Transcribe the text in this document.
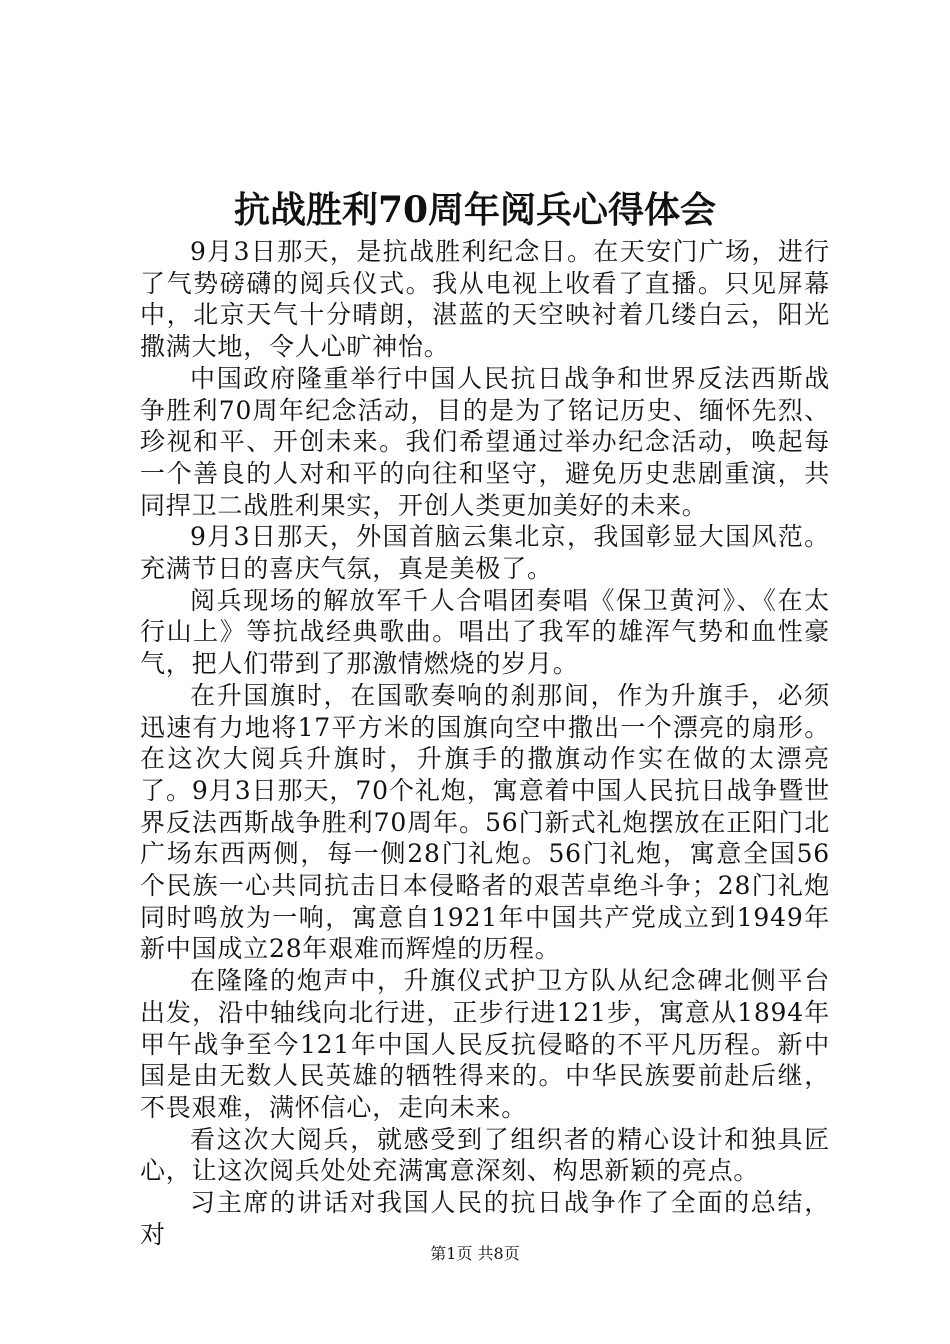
抗战胜利70周年阅兵心得体会

9月3日那天，是抗战胜利纪念日。在天安门广场，进行了气势磅礴的阅兵仪式。我从电视上收看了直播。只见屏幕中，北京天气十分晴朗，湛蓝的天空映衬着几缕白云，阳光撒满大地，令人心旷神怡。

中国政府隆重举行中国人民抗日战争和世界反法西斯战争胜利70周年纪念活动，目的是为了铭记历史、缅怀先烈、珍视和平、开创未来。我们希望通过举办纪念活动，唤起每一个善良的人对和平的向往和坚守，避免历史悲剧重演，共同捍卫二战胜利果实，开创人类更加美好的未来。

9月3日那天，外国首脑云集北京，我国彰显大国风范。充满节日的喜庆气氛，真是美极了。

阅兵现场的解放军千人合唱团奏唱《保卫黄河》、《在太行山上》等抗战经典歌曲。唱出了我军的雄浑气势和血性豪气，把人们带到了那激情燃烧的岁月。

在升国旗时，在国歌奏响的刹那间，作为升旗手，必须迅速有力地将17平方米的国旗向空中撒出一个漂亮的扇形。在这次大阅兵升旗时，升旗手的撒旗动作实在做的太漂亮了。9月3日那天，70个礼炮，寓意着中国人民抗日战争暨世界反法西斯战争胜利70周年。56门新式礼炮摆放在正阳门北广场东西两侧，每一侧28门礼炮。56门礼炮，寓意全国56个民族一心共同抗击日本侵略者的艰苦卓绝斗争；28门礼炮同时鸣放为一响，寓意自1921年中国共产党成立到1949年新中国成立28年艰难而辉煌的历程。

在隆隆的炮声中，升旗仪式护卫方队从纪念碑北侧平台出发，沿中轴线向北行进，正步行进121步，寓意从1894年甲午战争至今121年中国人民反抗侵略的不平凡历程。新中国是由无数人民英雄的牺牲得来的。中华民族要前赴后继，不畏艰难，满怀信心，走向未来。

看这次大阅兵，就感受到了组织者的精心设计和独具匠心，让这次阅兵处处充满寓意深刻、构思新颖的亮点。

习主席的讲话对我国人民的抗日战争作了全面的总结，对

第1页 共8页
